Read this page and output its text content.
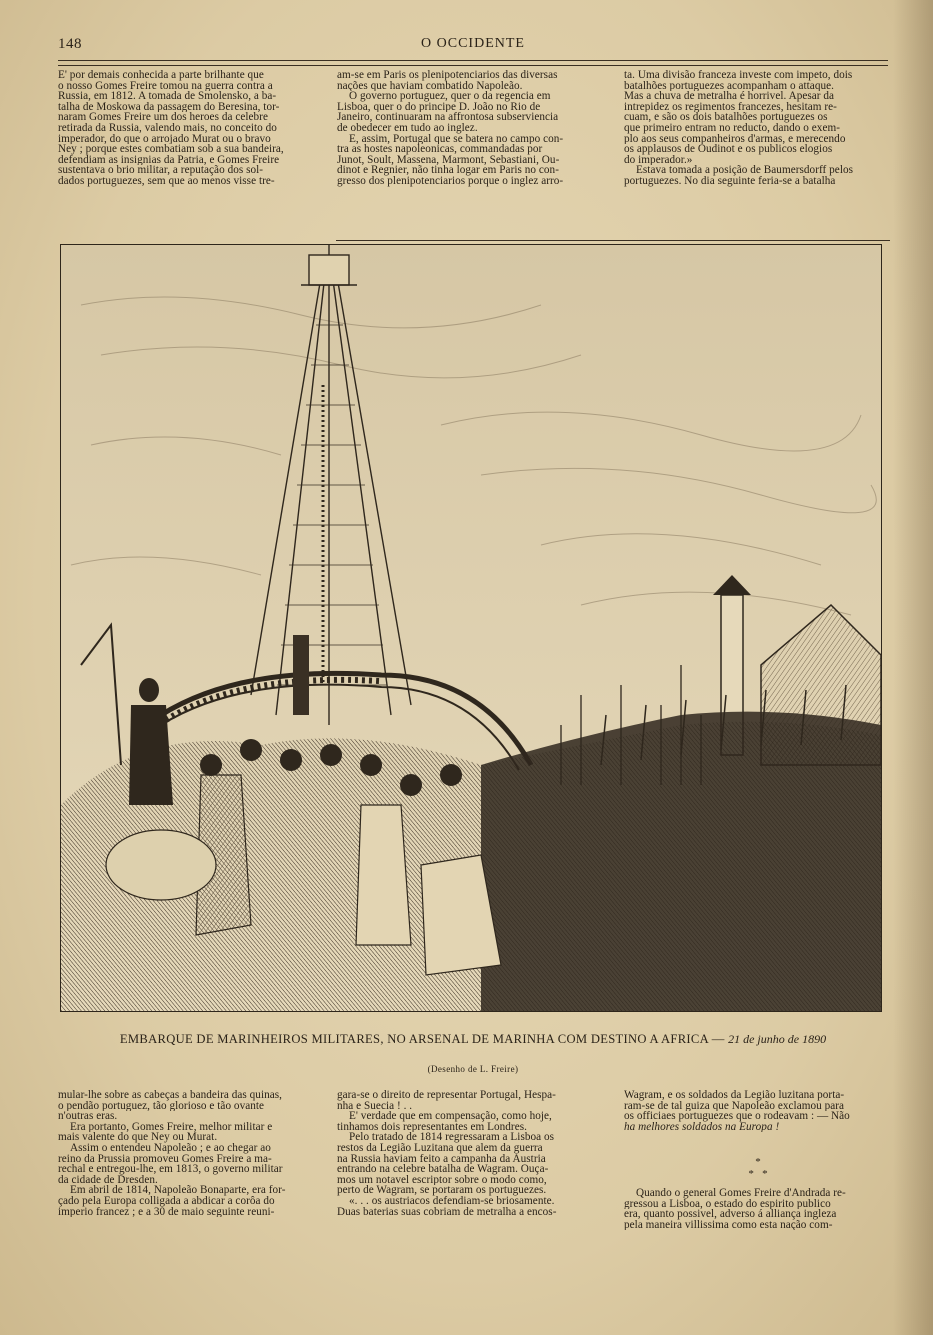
148	O OCCIDENTE
E' por demais conhecida a parte brilhante que
o nosso Gomes Freire tomou na guerra contra a
Russia, em 1812. A tomada de Smolensko, a ba-
talha de Moskowa da passagem do Beresina, tor-
naram Gomes Freire um dos heroes da celebre
retirada da Russia, valendo mais, no conceito do
imperador, do que o arrojado Murat ou o bravo
Ney ; porque estes combatiam sob a sua bandeira,
defendiam as insignias da Patria, e Gomes Freire
sustentava o brio militar, a reputação dos sol-
dados portuguezes, sem que ao menos visse tre-
am-se em Paris os plenipotenciarios das diversas
nações que haviam combatido Napoleão.
O governo portuguez, quer o da regencia em
Lisboa, quer o do principe D. João no Rio de
Janeiro, continuaram na affrontosa subserviencia
de obedecer em tudo ao inglez.
E, assim, Portugal que se batera no campo con-
tra as hostes napoleonicas, commandadas por
Junot, Soult, Massena, Marmont, Sebastiani, Ou-
dinot e Regnier, não tinha logar em Paris no con-
gresso dos plenipotenciarios porque o inglez arro-
ta. Uma divisão franceza investe com impeto, dois
batalhões portuguezes acompanham o attaque.
Mas a chuva de metralha é horrivel. Apesar da
intrepidez os regimentos francezes, hesitam re-
cuam, e são os dois batalhões portuguezes os
que primeiro entram no reducto, dando o exem-
plo aos seus companheiros d'armas, e merecendo
os applausos de Oudinot e os publicos elogios
do imperador.»
Estava tomada a posição de Baumersdorff pelos
portuguezes. No dia seguinte feria-se a batalha
EMBARQUE DE MARINHEIROS MILITARES, NO ARSENAL DE MARINHA COM DESTINO A AFRICA — 21 de junho de 1890
(Desenho de L. Freire)
mular-lhe sobre as cabeças a bandeira das quinas,
o pendão portuguez, tão glorioso e tão ovante
n'outras eras.
Era portanto, Gomes Freire, melhor militar e
mais valente do que Ney ou Murat.
Assim o entendeu Napoleão ; e ao chegar ao
reino da Prussia promoveu Gomes Freire a ma-
rechal e entregou-lhe, em 1813, o governo militar
da cidade de Dresden.
Em abril de 1814, Napoleão Bonaparte, era for-
çado pela Europa colligada a abdicar a corôa do
imperio francez ; e a 30 de maio seguinte reuni-
gara-se o direito de representar Portugal, Hespa-
nha e Suecia ! . .
E' verdade que em compensação, como hoje,
tinhamos dois representantes em Londres.
Pelo tratado de 1814 regressaram a Lisboa os
restos da Legião Luzitana que alem da guerra
na Russia haviam feito a campanha da Austria
entrando na celebre batalha de Wagram. Ouça-
mos um notavel escriptor sobre o modo como,
perto de Wagram, se portaram os portuguezes.
«. . . os austriacos defendiam-se briosamente.
Duas baterias suas cobriam de metralha a encos-
Wagram, e os soldados da Legião luzitana porta-
ram-se de tal guiza que Napoleão exclamou para
os officiaes portuguezes que o rodeavam : — Não
ha melhores soldados na Europa !
*
*   *
Quando o general Gomes Freire d'Andrada re-
gressou a Lisboa, o estado do espirito publico
era, quanto possivel, adverso á alliança ingleza
pela maneira villissima como esta nação com-
